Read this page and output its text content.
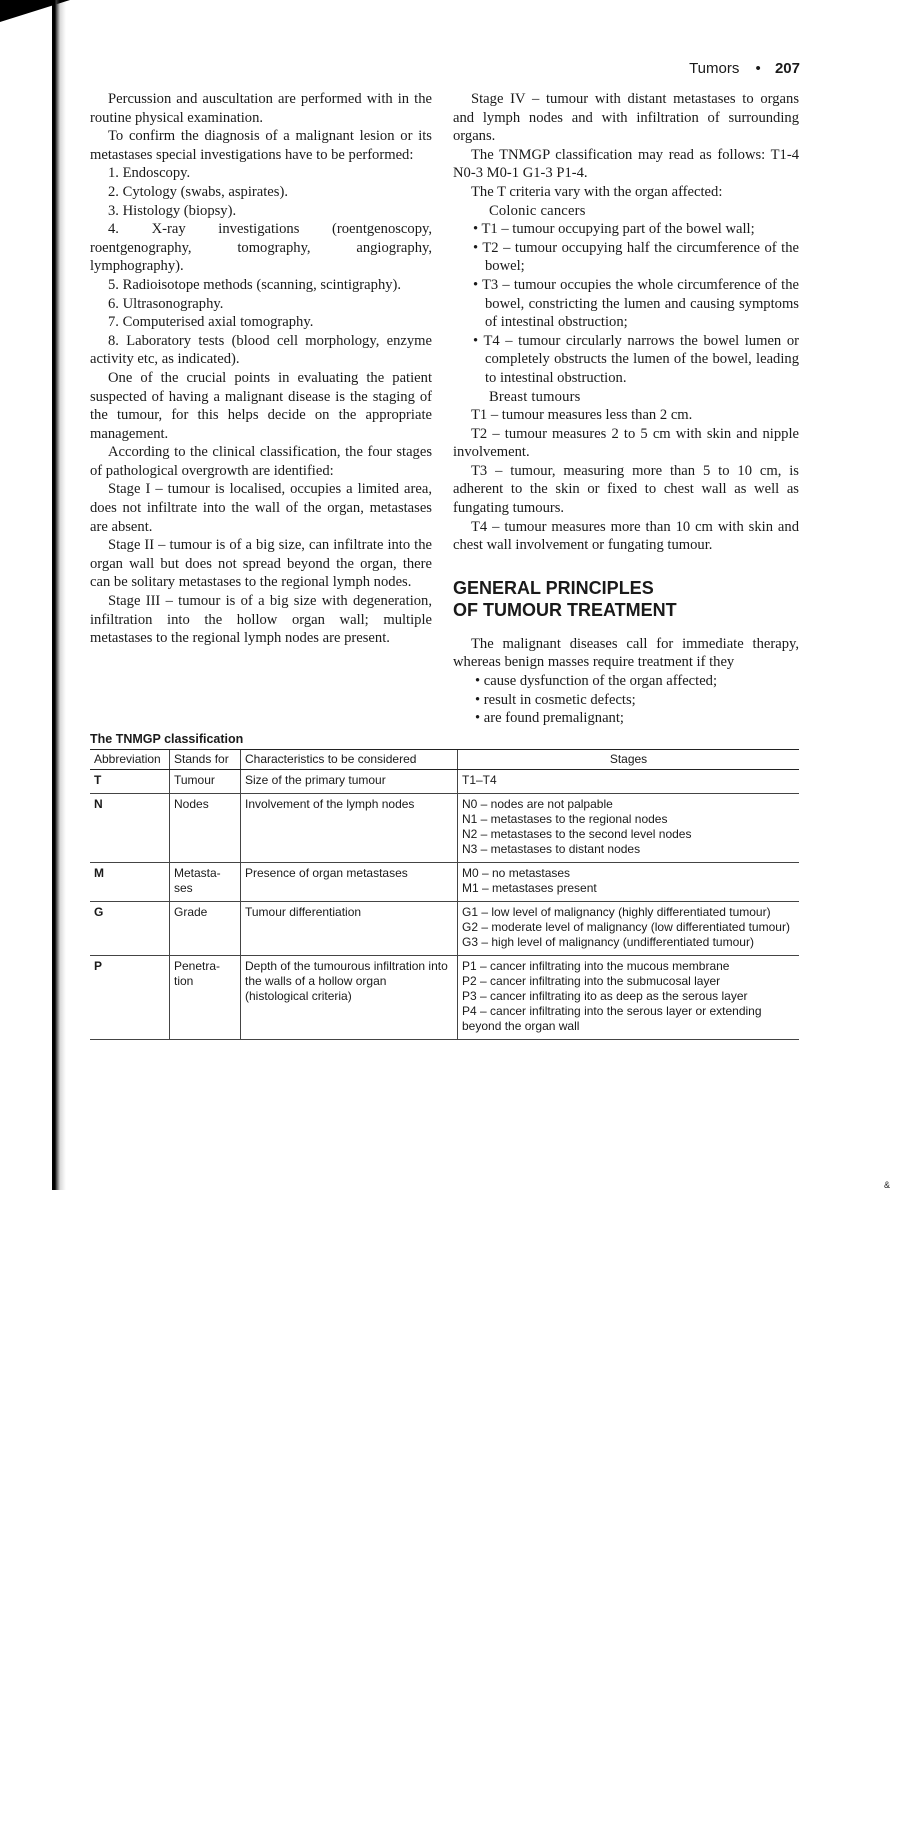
Tumors • 207

Percussion and auscultation are performed with in the routine physical examination.

To confirm the diagnosis of a malignant lesion or its metastases special investigations have to be performed:

1. Endoscopy.

2. Cytology (swabs, aspirates).

3. Histology (biopsy).

4. X-ray investigations (roentgenoscopy, roentgenography, tomography, angiography, lymphography).

5. Radioisotope methods (scanning, scintigraphy).

6. Ultrasonography.

7. Computerised axial tomography.

8. Laboratory tests (blood cell morphology, enzyme activity etc, as indicated).

One of the crucial points in evaluating the patient suspected of having a malignant disease is the staging of the tumour, for this helps decide on the appropriate management.

According to the clinical classification, the four stages of pathological overgrowth are identified:

Stage I – tumour is localised, occupies a limited area, does not infiltrate into the wall of the organ, metastases are absent.

Stage II – tumour is of a big size, can infiltrate into the organ wall but does not spread beyond the organ, there can be solitary metastases to the regional lymph nodes.

Stage III – tumour is of a big size with degeneration, infiltration into the hollow organ wall; multiple metastases to the regional lymph nodes are present.

Stage IV – tumour with distant metastases to organs and lymph nodes and with infiltration of surrounding organs.

The TNMGP classification may read as follows: T1-4 N0-3 M0-1 G1-3 P1-4.

The T criteria vary with the organ affected:

Colonic cancers

• T1 – tumour occupying part of the bowel wall;

• T2 – tumour occupying half the circumference of the bowel;

• T3 – tumour occupies the whole circumference of the bowel, constricting the lumen and causing symptoms of intestinal obstruction;

• T4 – tumour circularly narrows the bowel lumen or completely obstructs the lumen of the bowel, leading to intestinal obstruction.

Breast tumours

T1 – tumour measures less than 2 cm.

T2 – tumour measures 2 to 5 cm with skin and nipple involvement.

T3 – tumour, measuring more than 5 to 10 cm, is adherent to the skin or fixed to chest wall as well as fungating tumours.

T4 – tumour measures more than 10 cm with skin and chest wall involvement or fungating tumour.

GENERAL PRINCIPLES
OF TUMOUR TREATMENT

The malignant diseases call for immediate therapy, whereas benign masses require treatment if they

• cause dysfunction of the organ affected;

• result in cosmetic defects;

• are found premalignant;

The TNMGP classification
Abbreviation	Stands for	Characteristics to be considered	Stages
T	Tumour	Size of the primary tumour	T1–T4

N	Nodes	Involvement of the lymph nodes	N0 – nodes are not palpable
N1 – metastases to the regional nodes
N2 – metastases to the second level nodes
N3 – metastases to distant nodes

M	Metasta-ses	Presence of organ metastases	M0 – no metastases
M1 – metastases present

G	Grade	Tumour differentiation	G1 – low level of malignancy (highly differentiated tumour)
G2 – moderate level of malignancy (low differentiated tumour)
G3 – high level of malignancy (undifferentiated tumour)

P	Penetra-tion	Depth of the tumourous infiltration into the walls of a hollow organ (histological criteria)	P1 – cancer infiltrating into the mucous membrane
P2 – cancer infiltrating into the submucosal layer
P3 – cancer infiltrating ito as deep as the serous layer
P4 – cancer infiltrating into the serous layer or extending beyond the organ wall
&
